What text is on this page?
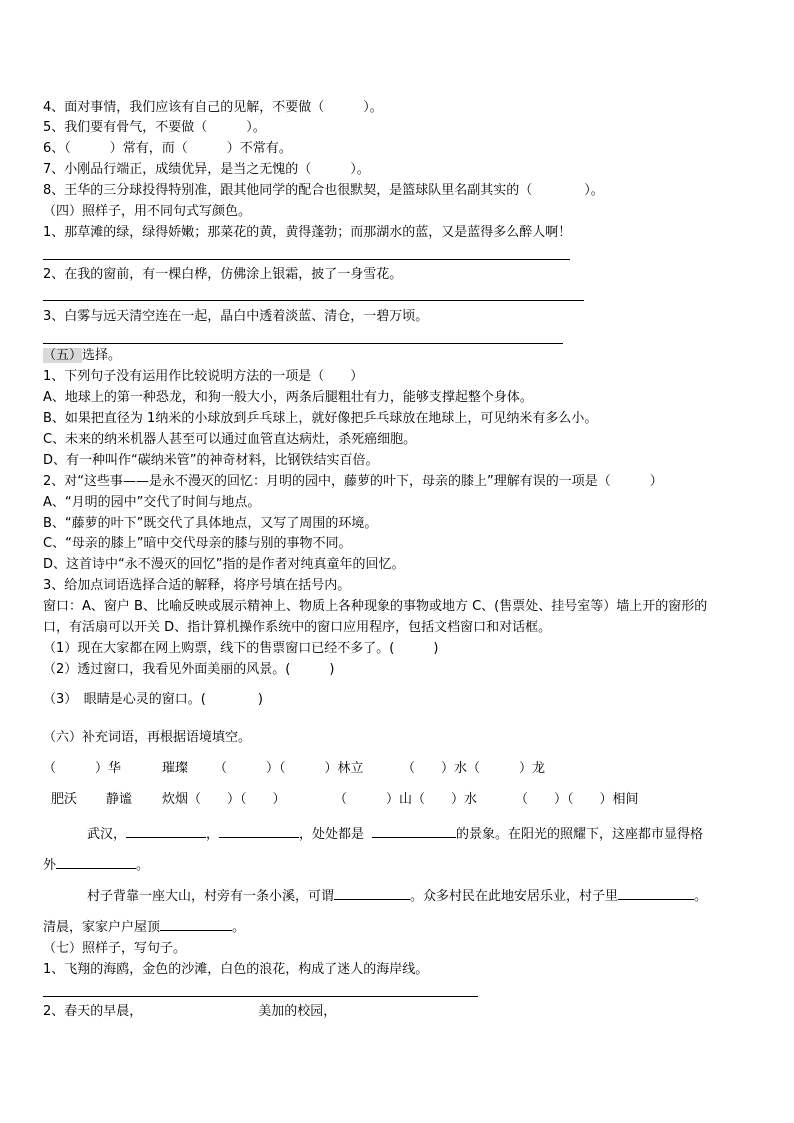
4、面对事情，我们应该有自己的见解，不要做（　　　）。
5、我们要有骨气，不要做（　　　）。
6、（　　　）常有，而（　　　）不常有。
7、小刚品行端正，成绩优异，是当之无愧的（　　　）。
8、王华的三分球投得特别准，跟其他同学的配合也很默契，是篮球队里名副其实的（　　　　）。
（四）照样子，用不同句式写颜色。
1、那草滩的绿，绿得娇嫩；那菜花的黄，黄得蓬勃；而那湖水的蓝，又是蓝得多么醉人啊！
2、在我的窗前，有一棵白桦，仿佛涂上银霜，披了一身雪花。
3、白雾与远天清空连在一起，晶白中透着淡蓝、清仓，一碧万顷。
（五）选择。
1、下列句子没有运用作比较说明方法的一项是（　　）
A、地球上的第一种恐龙，和狗一般大小，两条后腿粗壮有力，能够支撑起整个身体。
B、如果把直径为 1纳米的小球放到乒乓球上，就好像把乒乓球放在地球上，可见纳米有多么小。
C、未来的纳米机器人甚至可以通过血管直达病灶，杀死癌细胞。
D、有一种叫作“碳纳米管”的神奇材料，比钢铁结实百倍。
2、对“这些事——是永不漫灭的回忆：月明的园中，藤萝的叶下，母亲的膝上”理解有误的一项是（　　　）
A、“月明的园中”交代了时间与地点。
B、“藤萝的叶下”既交代了具体地点，又写了周围的环境。
C、“母亲的膝上”暗中交代母亲的膝与别的事物不同。
D、这首诗中“永不漫灭的回忆”指的是作者对纯真童年的回忆。
3、给加点词语选择合适的解释，将序号填在括号内。
窗口：A、窗户 B、比喻反映或展示精神上、物质上各种现象的事物或地方 C、(售票处、挂号室等）墙上开的窗形的
口，有活扇可以开关 D、指计算机操作系统中的窗口应用程序，包括文档窗口和对话框。
（1）现在大家都在网上购票，线下的售票窗口已经不多了。(　　　)
（2）透过窗口，我看见外面美丽的风景。(　　　)
（3）　眼睛是心灵的窗口。(　　　　)
（六）补充词语，再根据语境填空。
（　　　）华	璀璨 （　　　）（　　　）林立	（　　）水（　　　）龙
肥沃 静谧 炊烟（　　）（　　）	（　　　）山（　　）水	（　　）（　　）相间
武汉，	，	，处处都是	的景象。在阳光的照耀下，这座都市显得格
外	。
村子背靠一座大山，村旁有一条小溪，可谓	。众多村民在此地安居乐业，村子里	。
清晨，家家户户屋顶	。
（七）照样子，写句子。
1、飞翔的海鸥，金色的沙滩，白色的浪花，构成了迷人的海岸线。
2、春天的早晨，	美加的校园，
